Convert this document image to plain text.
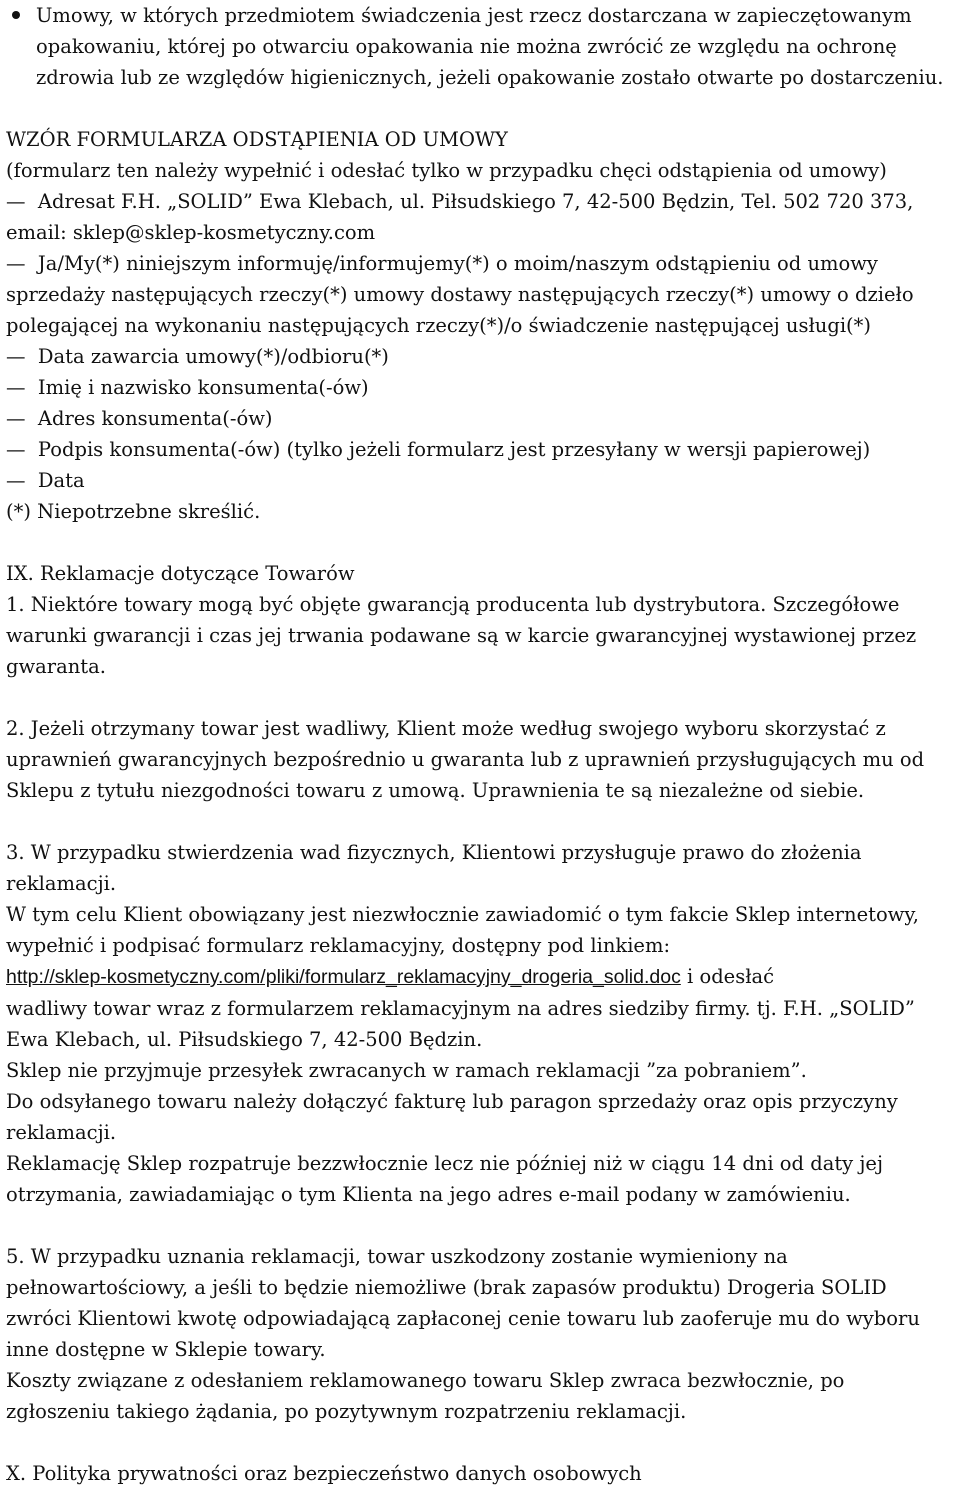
Umowy, w których przedmiotem świadczenia jest rzecz dostarczana w zapieczętowanym
opakowaniu, której po otwarciu opakowania nie można zwrócić ze względu na ochronę
zdrowia lub ze względów higienicznych, jeżeli opakowanie zostało otwarte po dostarczeniu.
WZÓR FORMULARZA ODSTĄPIENIA OD UMOWY
(formularz ten należy wypełnić i odesłać tylko w przypadku chęci odstąpienia od umowy)
—  Adresat F.H. „SOLID” Ewa Klebach, ul. Piłsudskiego 7, 42-500 Będzin, Tel. 502 720 373,
email: sklep@sklep-kosmetyczny.com
—  Ja/My(*) niniejszym informuję/informujemy(*) o moim/naszym odstąpieniu od umowy
sprzedaży następujących rzeczy(*) umowy dostawy następujących rzeczy(*) umowy o dzieło
polegającej na wykonaniu następujących rzeczy(*)/o świadczenie następującej usługi(*)
—  Data zawarcia umowy(*)/odbioru(*)
—  Imię i nazwisko konsumenta(-ów)
—  Adres konsumenta(-ów)
—  Podpis konsumenta(-ów) (tylko jeżeli formularz jest przesyłany w wersji papierowej)
—  Data
(*) Niepotrzebne skreślić.
IX. Reklamacje dotyczące Towarów
1. Niektóre towary mogą być objęte gwarancją producenta lub dystrybutora. Szczegółowe
warunki gwarancji i czas jej trwania podawane są w karcie gwarancyjnej wystawionej przez
gwaranta.
2. Jeżeli otrzymany towar jest wadliwy, Klient może według swojego wyboru skorzystać z
uprawnień gwarancyjnych bezpośrednio u gwaranta lub z uprawnień przysługujących mu od
Sklepu z tytułu niezgodności towaru z umową. Uprawnienia te są niezależne od siebie.
3. W przypadku stwierdzenia wad fizycznych, Klientowi przysługuje prawo do złożenia
reklamacji.
W tym celu Klient obowiązany jest niezwłocznie zawiadomić o tym fakcie Sklep internetowy,
wypełnić i podpisać formularz reklamacyjny, dostępny pod linkiem:
http://sklep-kosmetyczny.com/pliki/formularz_reklamacyjny_drogeria_solid.doc i odesłać
wadliwy towar wraz z formularzem reklamacyjnym na adres siedziby firmy. tj. F.H. „SOLID”
Ewa Klebach, ul. Piłsudskiego 7, 42-500 Będzin.
Sklep nie przyjmuje przesyłek zwracanych w ramach reklamacji ”za pobraniem”.
Do odsyłanego towaru należy dołączyć fakturę lub paragon sprzedaży oraz opis przyczyny
reklamacji.
Reklamację Sklep rozpatruje bezzwłocznie lecz nie później niż w ciągu 14 dni od daty jej
otrzymania, zawiadamiając o tym Klienta na jego adres e-mail podany w zamówieniu.
5. W przypadku uznania reklamacji, towar uszkodzony zostanie wymieniony na
pełnowartościowy, a jeśli to będzie niemożliwe (brak zapasów produktu) Drogeria SOLID
zwróci Klientowi kwotę odpowiadającą zapłaconej cenie towaru lub zaoferuje mu do wyboru
inne dostępne w Sklepie towary.
Koszty związane z odesłaniem reklamowanego towaru Sklep zwraca bezwłocznie, po
zgłoszeniu takiego żądania, po pozytywnym rozpatrzeniu reklamacji.
X. Polityka prywatności oraz bezpieczeństwo danych osobowych
